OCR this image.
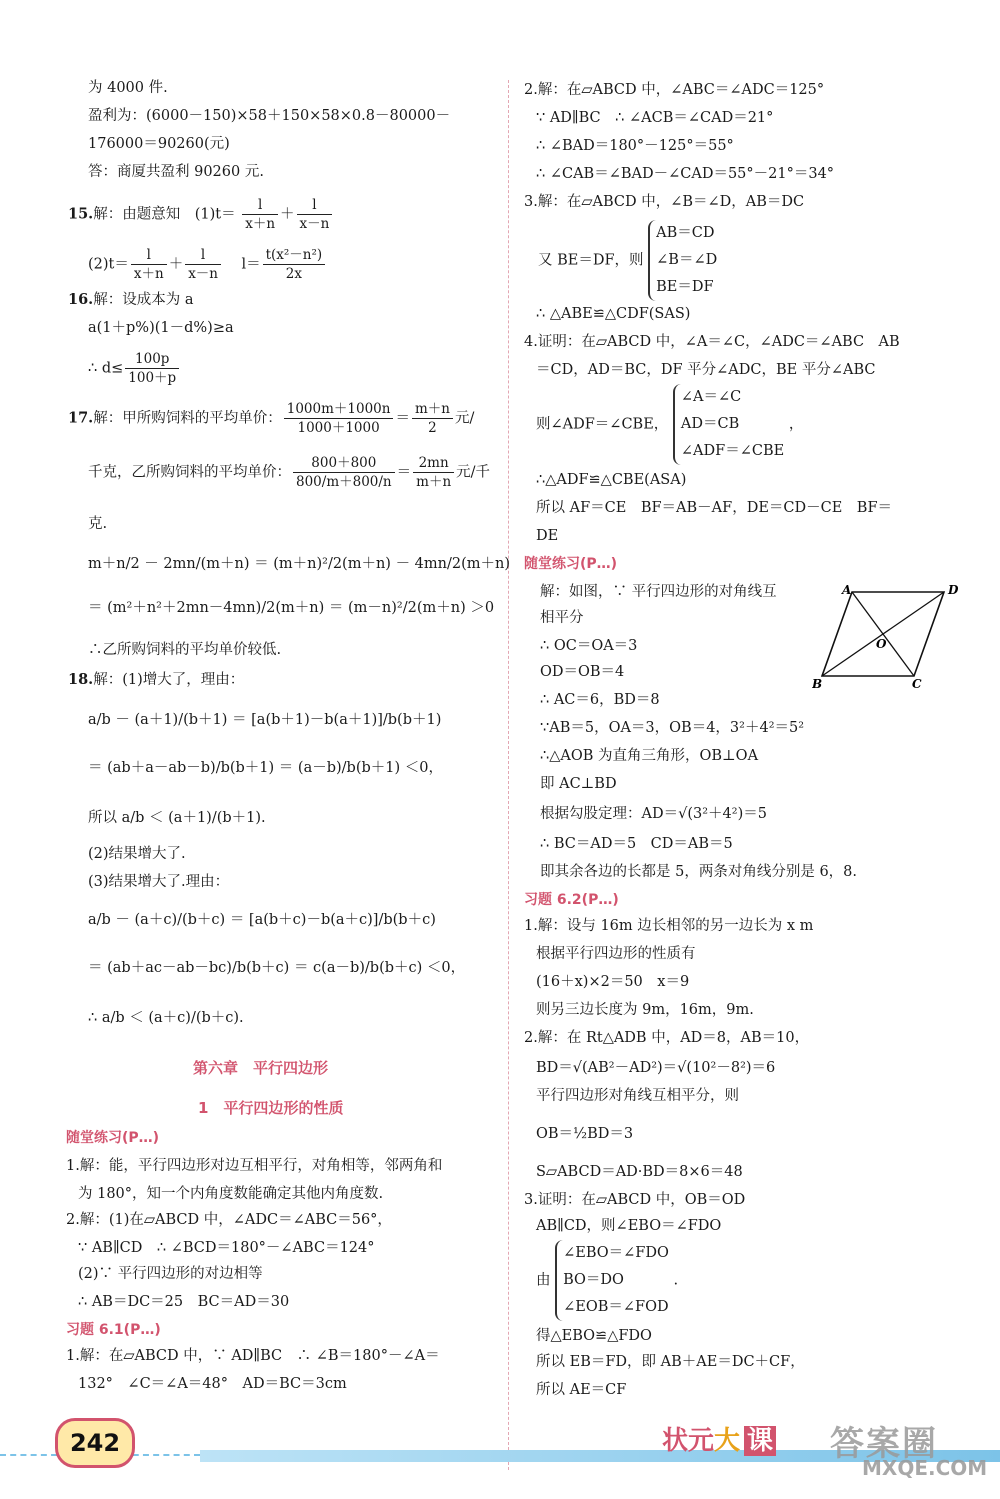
为 4000 件.
盈利为：(6000－150)×58＋150×58×0.8－80000－
176000＝90260(元)
答：商厦共盈利 90260 元.
15.解：由题意知　$(1)t= \frac{l}{x+n} + \frac{l}{x-n}$
$(2)t= \frac{l}{x+n} + \frac{l}{x-n} l= \frac{\text{t(x²－n²)}}{2x}$
16.解：设成本为 a
a(1＋p%)(1－d%)≥a
∴ $d\le \frac{100p}{100+p}$
17.解：甲所购饲料的平均单价： $\frac{1000m+1000n}{1000+1000} = \frac{m+n}{2}$ 元/
千克，乙所购饲料的平均单价： $\frac{800+800}{800/m+800/n} = \frac{2mn}{m+n}$ 元/千
克.
m＋n/2 － 2mn/(m＋n) ＝ (m＋n)²/2(m＋n) － 4mn/2(m＋n)
＝ (m²＋n²＋2mn－4mn)/2(m＋n) ＝ (m－n)²/2(m＋n) ＞0
∴乙所购饲料的平均单价较低.
18.解：(1)增大了，理由：
a/b － (a＋1)/(b＋1) ＝ [a(b＋1)－b(a＋1)]/b(b＋1)
＝ (ab＋a－ab－b)/b(b＋1) ＝ (a－b)/b(b＋1) ＜0，
所以 a/b ＜ (a＋1)/(b＋1).
(2)结果增大了.
(3)结果增大了.理由：
a/b － (a＋c)/(b＋c) ＝ [a(b＋c)－b(a＋c)]/b(b＋c)
＝ (ab＋ac－ab－bc)/b(b＋c) ＝ c(a－b)/b(b＋c) ＜0，
∴ a/b ＜ (a＋c)/(b＋c).
第六章　平行四边形
1　平行四边形的性质
随堂练习(P…)
1.解：能，平行四边形对边互相平行，对角相等，邻两角和
为 180°，知一个内角度数能确定其他内角度数.
2.解：(1)在▱ABCD 中，∠ADC＝∠ABC＝56°，
∵ AB∥CD　∴ ∠BCD＝180°－∠ABC＝124°
(2)∵ 平行四边形的对边相等
∴ AB＝DC＝25　BC＝AD＝30
习题 6.1(P…)
1.解：在▱ABCD 中，∵ AD∥BC　∴ ∠B＝180°－∠A＝
132°　∠C＝∠A＝48°　AD＝BC＝3cm
2.解：在▱ABCD 中，∠ABC＝∠ADC＝125°
∵ AD∥BC　∴ ∠ACB＝∠CAD＝21°
∴ ∠BAD＝180°－125°＝55°
∴ ∠CAB＝∠BAD－∠CAD＝55°－21°＝34°
3.解：在▱ABCD 中，∠B＝∠D，AB＝DC
又 BE＝DF，则
AB＝CD
∠B＝∠D
BE＝DF
∴ △ABE≌△CDF(SAS)
4.证明：在▱ABCD 中，∠A＝∠C，∠ADC＝∠ABC　AB
＝CD，AD＝BC，DF 平分∠ADC，BE 平分∠ABC
则∠ADF＝∠CBE，
∠A＝∠C
AD＝CB
∠ADF＝∠CBE
，
∴△ADF≌△CBE(ASA)
所以 AF＝CE　BF＝AB－AF，DE＝CD－CE　BF＝
DE
随堂练习(P…)
解：如图，∵ 平行四边形的对角线互
相平分
∴ OC＝OA＝3
OD＝OB＝4
∴ AC＝6，BD＝8
∵AB＝5，OA＝3，OB＝4，3²＋4²＝5²
∴△AOB 为直角三角形，OB⊥OA
即 AC⊥BD
根据勾股定理：AD＝√(3²＋4²)＝5
∴ BC＝AD＝5　CD＝AB＝5
即其余各边的长都是 5，两条对角线分别是 6，8.
A	D
B	C
O
习题 6.2(P…)
1.解：设与 16m 边长相邻的另一边长为 x m
根据平行四边形的性质有
(16＋x)×2＝50　x＝9
则另三边长度为 9m，16m，9m.
2.解：在 Rt△ADB 中，AD＝8，AB＝10，
BD＝√(AB²－AD²)＝√(10²－8²)＝6
平行四边形对角线互相平分，则
OB＝½BD＝3
S▱ABCD＝AD·BD＝8×6＝48
3.证明：在▱ABCD 中，OB＝OD
AB∥CD，则∠EBO＝∠FDO
由
∠EBO＝∠FDO
BO＝DO
∠EOB＝∠FOD
.
得△EBO≌△FDO
所以 EB＝FD，即 AB＋AE＝DC＋CF，
所以 AE＝CF
242	状元大 课 答案圈
MXQE.COM
